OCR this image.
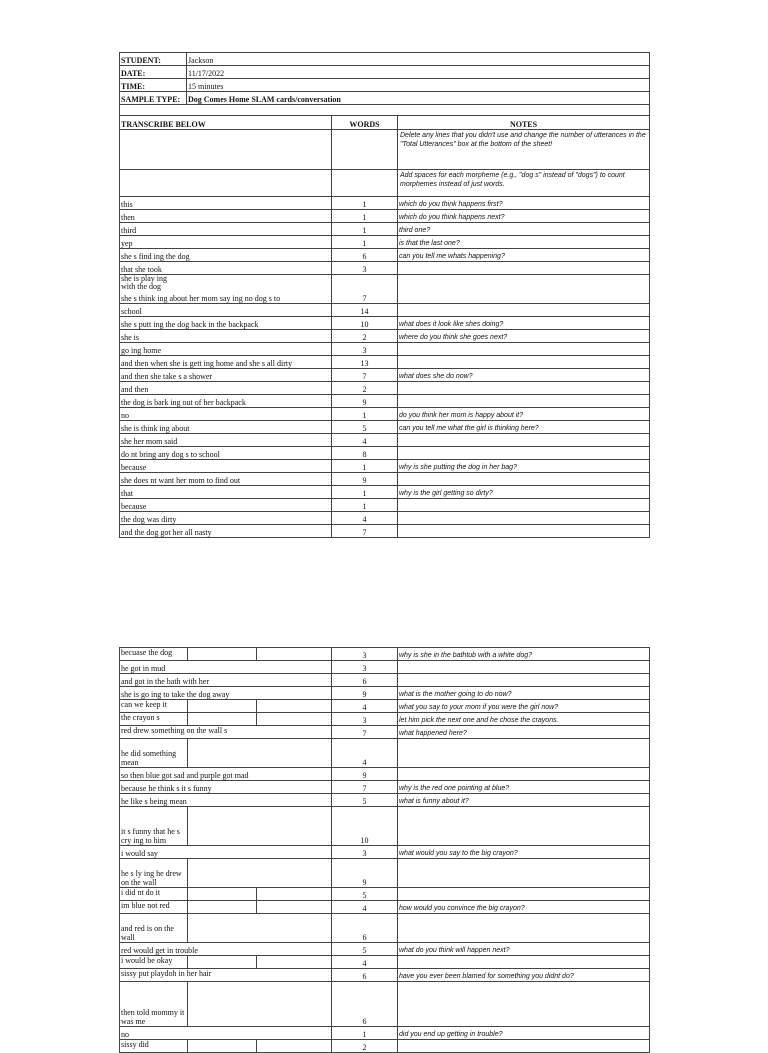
STUDENT:	Jackson		
DATE:	11/17/2022		
TIME:	15 minutes		
SAMPLE TYPE:	Dog Comes Home SLAM cards/conversation		

TRANSCRIBE BELOW		WORDS	NOTES
			Delete any lines that you didn't use and change the number of utterances in the "Total Utterances" box at the bottom of the sheet!
			Add spaces for each morpheme (e.g., "dog s" instead of "dogs") to count morphemes instead of just words.
this		1	which do you think happens first?
then		1	which do you think happens next?
third		1	third one?
yep		1	is that the last one?
she s find ing the dog		6	can you tell me whats happening?
that she took		3	

she is play ing with the dog
she s think ing about her mom say ing no dog s to		7	
school		14	
she s putt ing the dog back in the backpack		10	what does it look like shes doing?
she is		2	where do you think she goes next?
go ing home		3	
and then when she is gett ing home and she s all dirty		13	
and then she take s a shower		7	what does she do now?
and then		2	
the dog is bark ing out of her backpack		9	
no		1	do you think her mom is happy about it?
she is think ing about		5	can you tell me what the girl is thinking here?
she her mom said		4	
do nt bring any dog s to school		8	
because		1	why is she putting the dog in her bag?
she does nt want her mom to find out		9	
that		1	why is the girl getting so dirty?
because		1	
the dog was dirty		4	
and the dog got her all nasty		7	
becuase the dog	3	why is she in the bathtub with a white dog?
he got in mud	3	
and got in the bath with her	6	
she is go ing to take the dog away	9	what is the mother going to do now?

can we keep it	4	what you say to your mom if you were the girl now?

the crayon s	3	let him pick the next one and he chose the crayons.

red drew something on the wall s	7	what happened here?

he did something mean	4	
so then blue got sad and purple got mad	9	
because he think s it s funny	7	why is the red one pointing at blue?
he like s being mean	5	what is funny about it?

it s funny that he s cry ing to him	10	
i would say	3	what would you say to the big crayon?

he s ly ing he drew on the wall	9	

i did nt do it	5	

im blue not red	4	how would you convince the big crayon?

and red is on the wall	6	
red would get in trouble	5	what do you think will happen next?

i would be okay	4	

sissy put playdoh in her hair	6	have you ever been blamed for something you didnt do?

then told mommy it was me	6	
no	1	did you end up getting in trouble?

sissy did	2	
